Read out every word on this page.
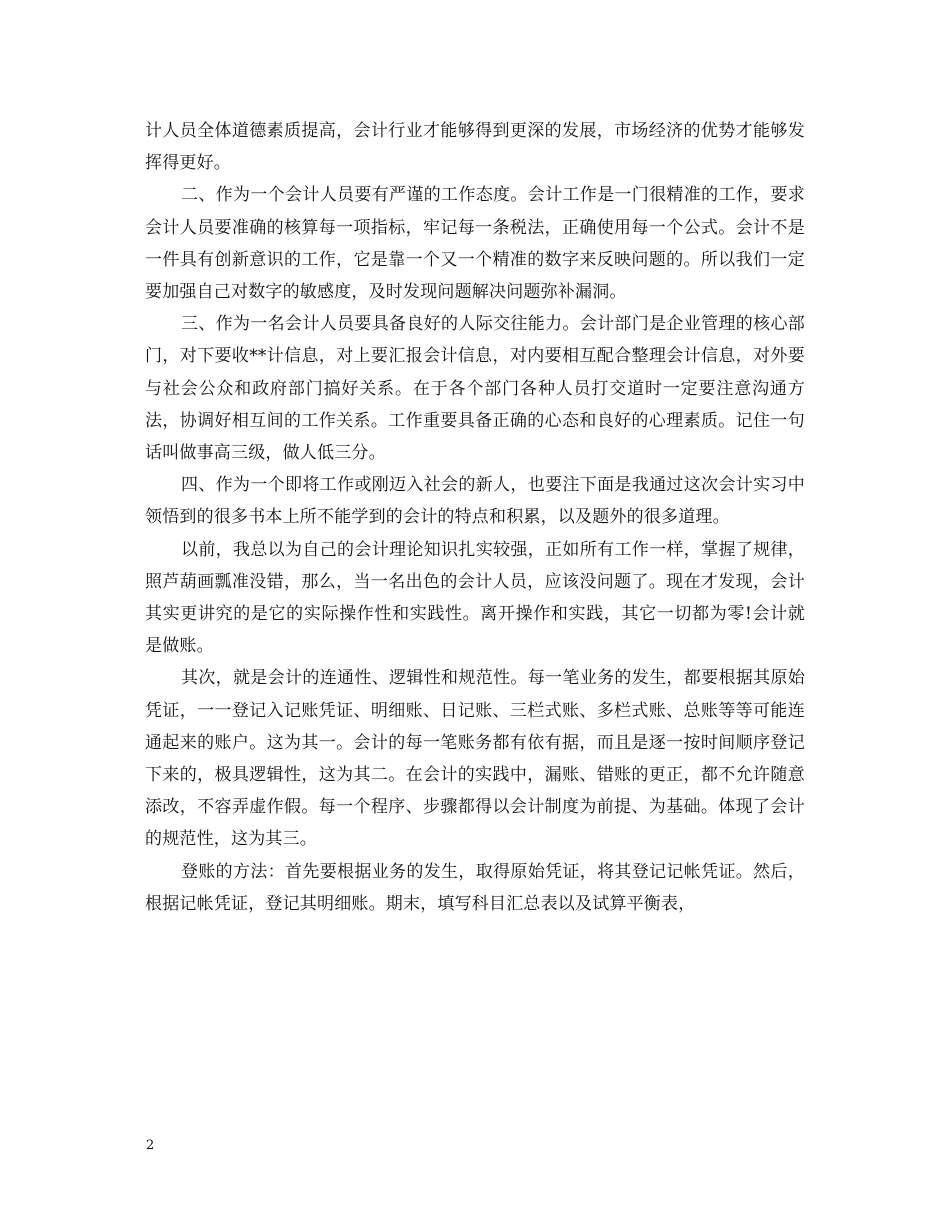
计人员全体道德素质提高，会计行业才能够得到更深的发展，市场经济的优势才能够发挥得更好。

二、作为一个会计人员要有严谨的工作态度。会计工作是一门很精准的工作，要求会计人员要准确的核算每一项指标，牢记每一条税法，正确使用每一个公式。会计不是一件具有创新意识的工作，它是靠一个又一个精准的数字来反映问题的。所以我们一定要加强自己对数字的敏感度，及时发现问题解决问题弥补漏洞。

三、作为一名会计人员要具备良好的人际交往能力。会计部门是企业管理的核心部门，对下要收**计信息，对上要汇报会计信息，对内要相互配合整理会计信息，对外要与社会公众和政府部门搞好关系。在于各个部门各种人员打交道时一定要注意沟通方法，协调好相互间的工作关系。工作重要具备正确的心态和良好的心理素质。记住一句话叫做事高三级，做人低三分。

四、作为一个即将工作或刚迈入社会的新人，也要注下面是我通过这次会计实习中领悟到的很多书本上所不能学到的会计的特点和积累，以及题外的很多道理。

以前，我总以为自己的会计理论知识扎实较强，正如所有工作一样，掌握了规律，照芦葫画瓢准没错，那么，当一名出色的会计人员，应该没问题了。现在才发现，会计其实更讲究的是它的实际操作性和实践性。离开操作和实践，其它一切都为零!会计就是做账。

其次，就是会计的连通性、逻辑性和规范性。每一笔业务的发生，都要根据其原始凭证，一一登记入记账凭证、明细账、日记账、三栏式账、多栏式账、总账等等可能连通起来的账户。这为其一。会计的每一笔账务都有依有据，而且是逐一按时间顺序登记下来的，极具逻辑性，这为其二。在会计的实践中，漏账、错账的更正，都不允许随意添改，不容弄虚作假。每一个程序、步骤都得以会计制度为前提、为基础。体现了会计的规范性，这为其三。

登账的方法：首先要根据业务的发生，取得原始凭证，将其登记记帐凭证。然后，根据记帐凭证，登记其明细账。期末，填写科目汇总表以及试算平衡表，

2
